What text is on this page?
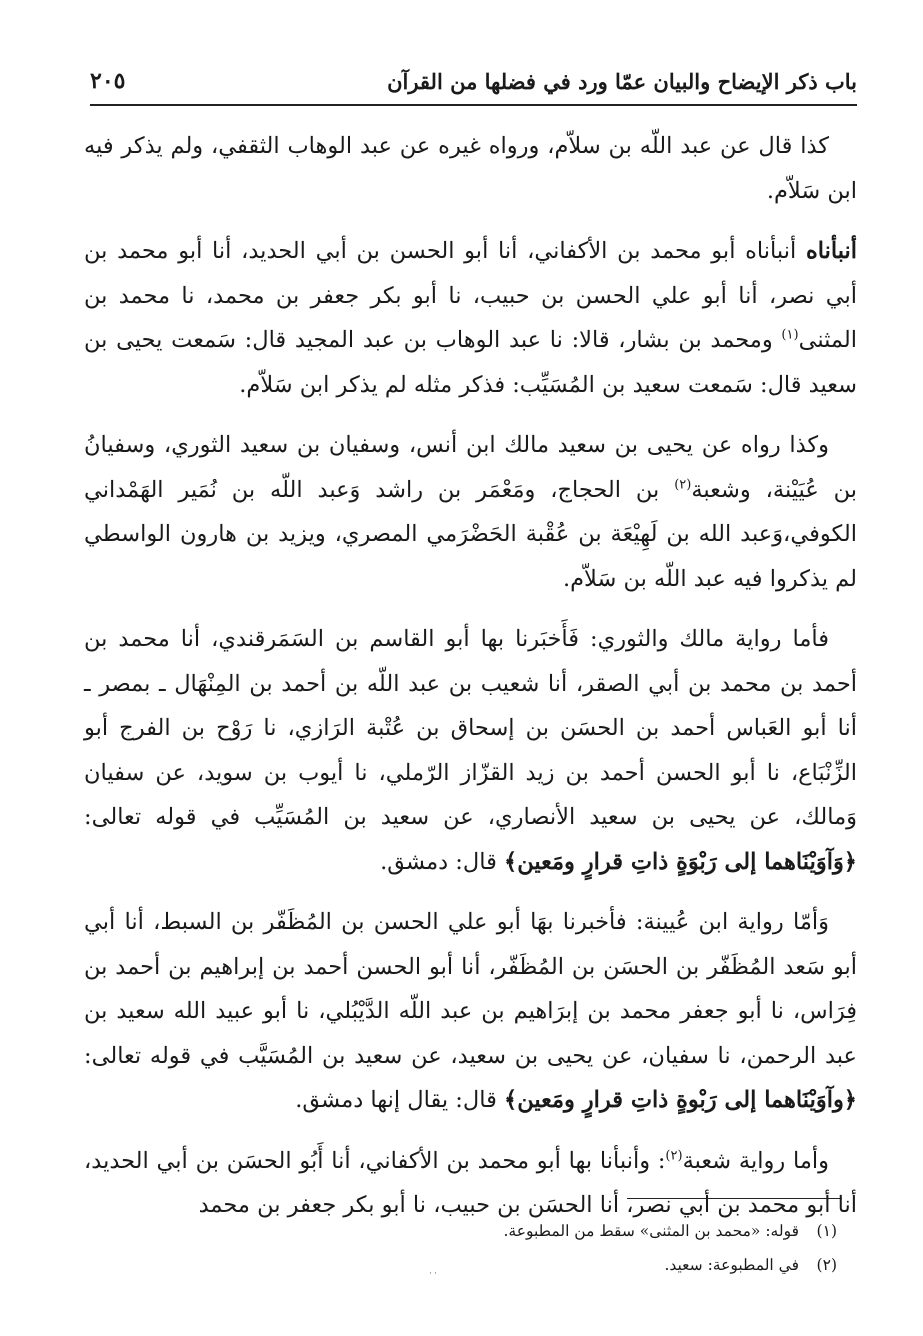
باب ذكر الإيضاح والبيان عمّا ورد في فضلها من القرآن
٢٠٥

كذا قال عن عبد اللّه بن سلاّم، ورواه غيره عن عبد الوهاب الثقفي، ولم يذكر فيه ابن سَلاّم.

أنبأناه أنبأناه أبو محمد بن الأكفاني، أنا أبو الحسن بن أبي الحديد، أنا أبو محمد بن أبي نصر، أنا أبو علي الحسن بن حبيب، نا أبو بكر جعفر بن محمد، نا محمد بن المثنى$^{(١)}$ ومحمد بن بشار، قالا: نا عبد الوهاب بن عبد المجيد قال: سَمعت يحيى بن سعيد قال: سَمعت سعيد بن المُسَيِّب: فذكر مثله لم يذكر ابن سَلاّم.

وكذا رواه عن يحيى بن سعيد مالك ابن أنس، وسفيان بن سعيد الثوري، وسفيانُ بن عُيَيْنة، وشعبة$^{(٢)}$ بن الحجاج، ومَعْمَر بن راشد وَعبد اللّه بن نُمَير الهَمْداني الكوفي،وَعبد الله بن لَهِيْعَة بن عُقْبة الحَضْرَمي المصري، ويزيد بن هارون الواسطي لم يذكروا فيه عبد اللّه بن سَلاّم.

فأما رواية مالك والثوري: فَأَخبَرنا بها أبو القاسم بن السَمَرقندي، أنا محمد بن أحمد بن محمد بن أبي الصقر، أنا شعيب بن عبد اللّه بن أحمد بن المِنْهَال ـ بمصر ـ أنا أبو العَباس أحمد بن الحسَن بن إسحاق بن عُتْبة الرَازي، نا رَوْح بن الفرج أبو الزِّنْبَاع، نا أبو الحسن أحمد بن زيد القزّاز الرّملي، نا أيوب بن سويد، عن سفيان وَمالك، عن يحيى بن سعيد الأنصاري، عن سعيد بن المُسَيِّب في قوله تعالى: ﴿وَآوَيْنَاهما إلى رَبْوَةٍ ذاتِ قرارٍ ومَعين﴾ قال: دمشق.

وَأمّا رواية ابن عُيينة: فأخبرنا بهَا أبو علي الحسن بن المُظَفّر بن السبط، أنا أبي أبو سَعد المُظَفّر بن الحسَن بن المُظَفّر، أنا أبو الحسن أحمد بن إبراهيم بن أحمد بن فِرَاس، نا أبو جعفر محمد بن إبرَاهيم بن عبد اللّه الدَّيْبُلي، نا أبو عبيد الله سعيد بن عبد الرحمن، نا سفيان، عن يحيى بن سعيد، عن سعيد بن المُسَيَّب في قوله تعالى: ﴿وآوَيْنَاهما إلى رَبْوةٍ ذاتِ قرارٍ ومَعين﴾ قال: يقال إنها دمشق.

وأما رواية شعبة$^{(٢)}$: وأنبأنا بها أبو محمد بن الأكفاني، أنا أَبُو الحسَن بن أبي الحديد، أنا أبو محمد بن أبي نصر، أنا الحسَن بن حبيب، نا أبو بكر جعفر بن محمد

(١)
قوله: «محمد بن المثنى» سقط من المطبوعة.
(٢)
في المطبوعة: سعيد.
˙˙
